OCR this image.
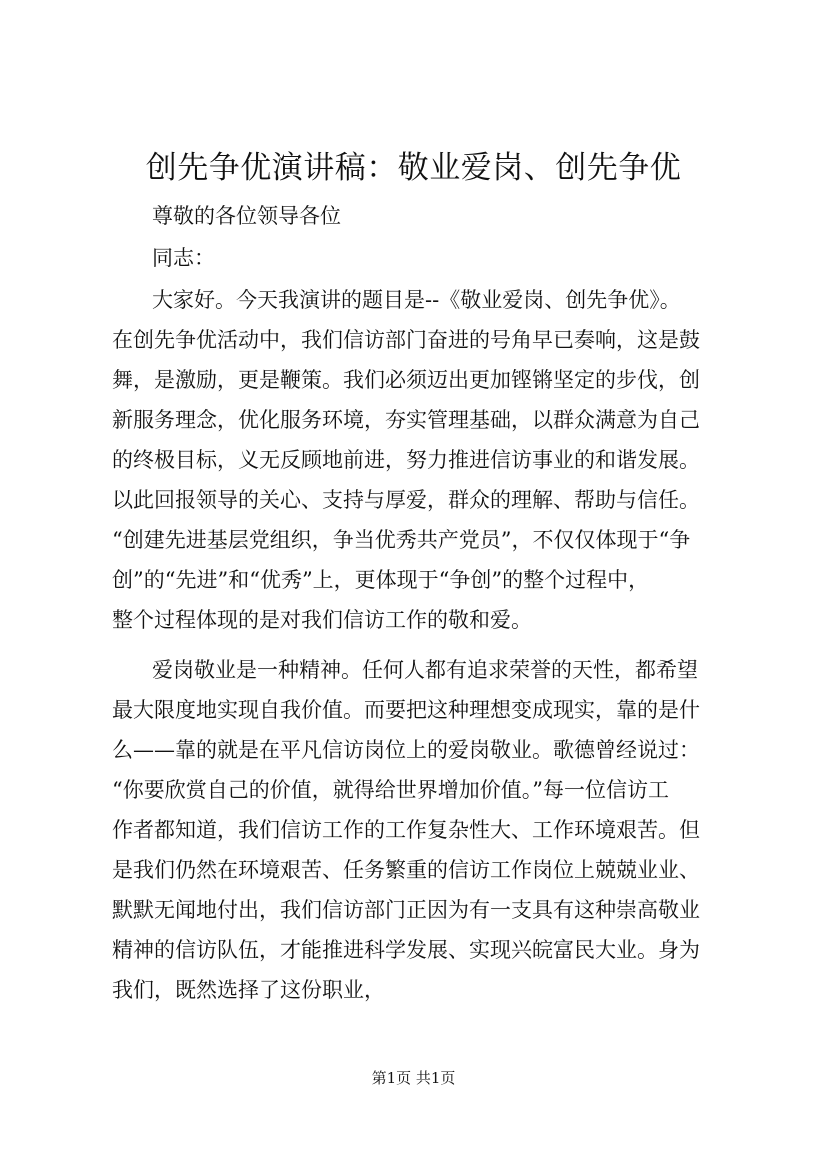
创先争优演讲稿：敬业爱岗、创先争优
尊敬的各位领导各位
同志：
大家好。今天我演讲的题目是--《敬业爱岗、创先争优》。
在创先争优活动中，我们信访部门奋进的号角早已奏响，这是鼓
舞，是激励，更是鞭策。我们必须迈出更加铿锵坚定的步伐，创
新服务理念，优化服务环境，夯实管理基础，以群众满意为自己
的终极目标，义无反顾地前进，努力推进信访事业的和谐发展。
以此回报领导的关心、支持与厚爱，群众的理解、帮助与信任。
“创建先进基层党组织，争当优秀共产党员”，不仅仅体现于“争
创”的“先进”和“优秀”上，更体现于“争创”的整个过程中，
整个过程体现的是对我们信访工作的敬和爱。
爱岗敬业是一种精神。任何人都有追求荣誉的天性，都希望
最大限度地实现自我价值。而要把这种理想变成现实，靠的是什
么——靠的就是在平凡信访岗位上的爱岗敬业。歌德曾经说过：
“你要欣赏自己的价值，就得给世界增加价值。”每一位信访工
作者都知道，我们信访工作的工作复杂性大、工作环境艰苦。但
是我们仍然在环境艰苦、任务繁重的信访工作岗位上兢兢业业、
默默无闻地付出，我们信访部门正因为有一支具有这种崇高敬业
精神的信访队伍，才能推进科学发展、实现兴皖富民大业。身为
我们，既然选择了这份职业，
第1页 共1页
